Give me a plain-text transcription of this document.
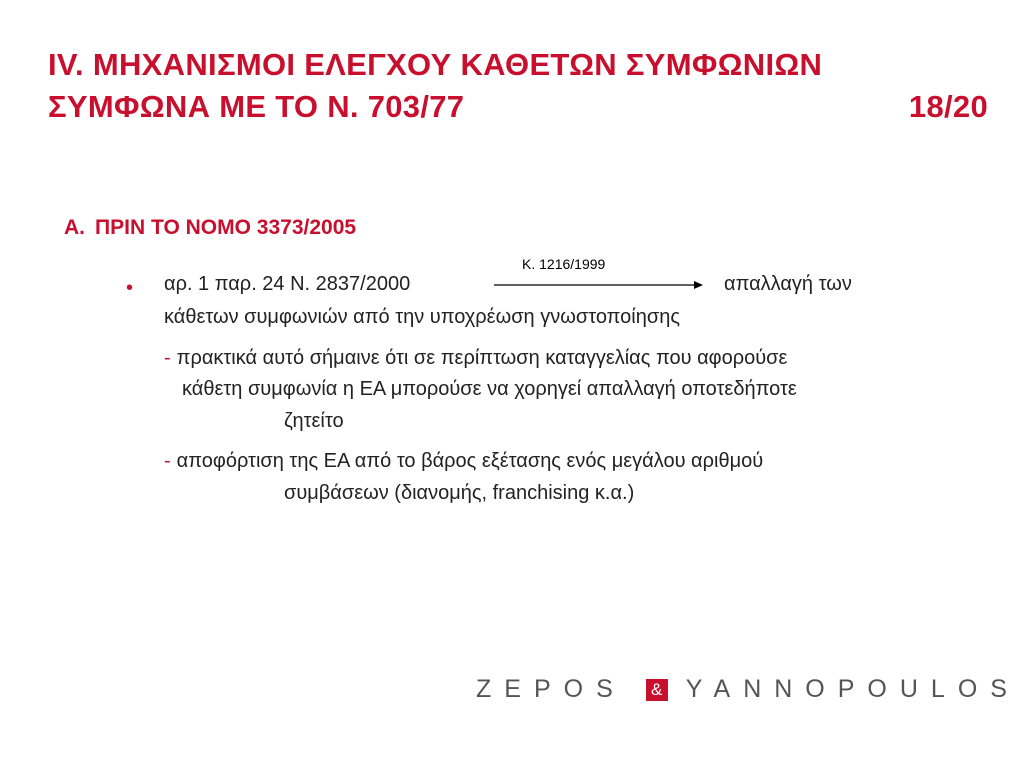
IV. ΜΗΧΑΝΙΣΜΟΙ ΕΛΕΓΧΟΥ ΚΑΘΕΤΩΝ ΣΥΜΦΩΝΙΩΝ
ΣΥΜΦΩΝΑ ΜΕ ΤΟ Ν. 703/77	18/20
Α. ΠΡΙΝ ΤΟ ΝΟΜΟ 3373/2005
Κ. 1216/1999
• αρ. 1 παρ. 24 Ν. 2837/2000	απαλλαγή των
κάθετων συμφωνιών από την υποχρέωση γνωστοποίησης
- πρακτικά αυτό σήμαινε ότι σε περίπτωση καταγγελίας που αφορούσε
κάθετη συμφωνία η ΕΑ μπορούσε να χορηγεί απαλλαγή οποτεδήποτε
ζητείτο
- αποφόρτιση της ΕΑ από το βάρος εξέτασης ενός μεγάλου αριθμού
συμβάσεων (διανομής, franchising κ.α.)
ZEPOS & YANNOPOULOS
